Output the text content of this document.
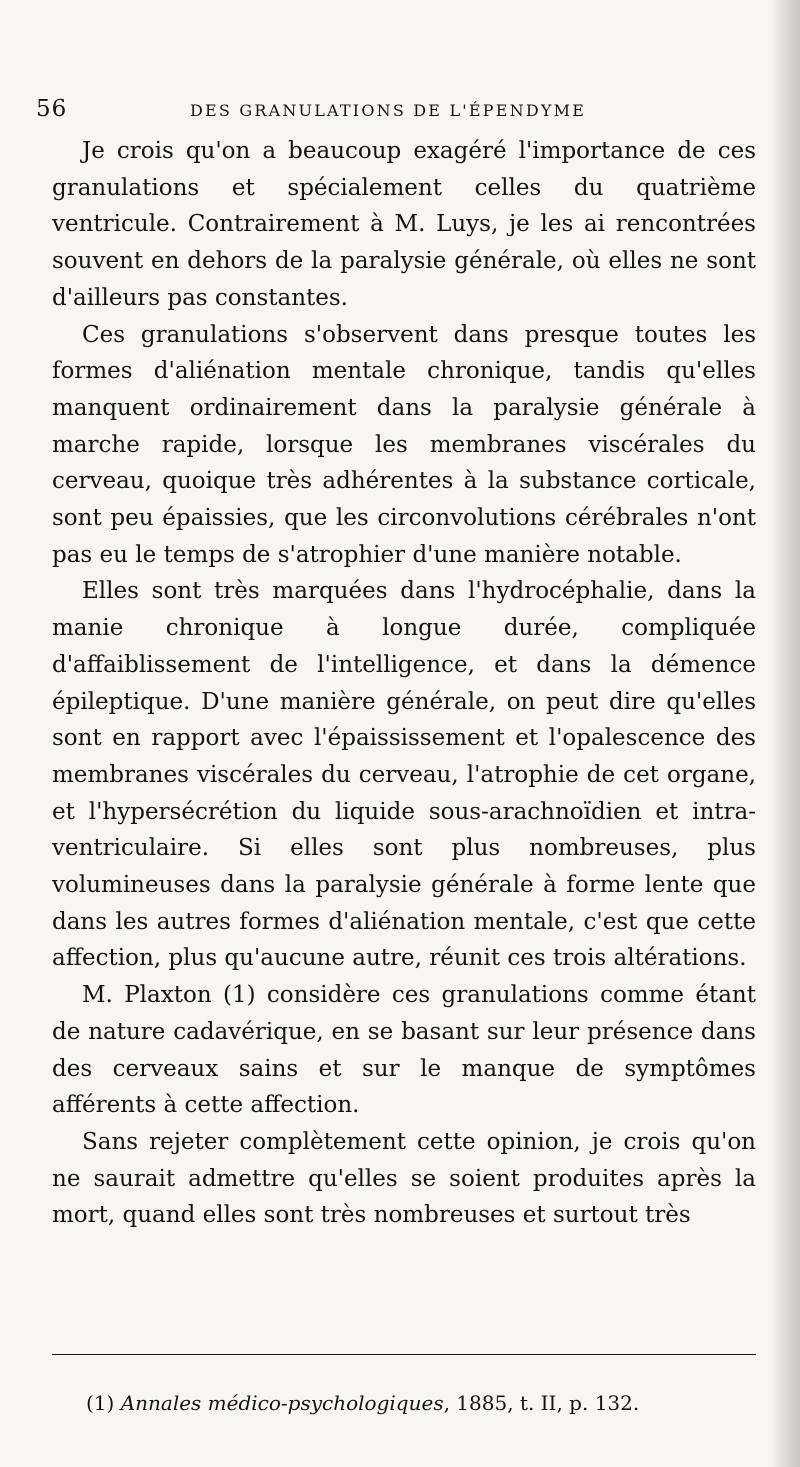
56	DES GRANULATIONS DE L'ÉPENDYME

Je crois qu'on a beaucoup exagéré l'importance de ces granulations et spécialement celles du quatrième ventricule. Contrairement à M. Luys, je les ai rencontrées souvent en dehors de la paralysie générale, où elles ne sont d'ailleurs pas constantes.

Ces granulations s'observent dans presque toutes les formes d'aliénation mentale chronique, tandis qu'elles manquent ordinairement dans la paralysie générale à marche rapide, lorsque les membranes viscérales du cerveau, quoique très adhérentes à la substance corticale, sont peu épaissies, que les circonvolutions cérébrales n'ont pas eu le temps de s'atrophier d'une manière notable.

Elles sont très marquées dans l'hydrocéphalie, dans la manie chronique à longue durée, compliquée d'affaiblissement de l'intelligence, et dans la démence épileptique. D'une manière générale, on peut dire qu'elles sont en rapport avec l'épaississement et l'opalescence des membranes viscérales du cerveau, l'atrophie de cet organe, et l'hypersécrétion du liquide sous-arachnoïdien et intra-ventriculaire. Si elles sont plus nombreuses, plus volumineuses dans la paralysie générale à forme lente que dans les autres formes d'aliénation mentale, c'est que cette affection, plus qu'aucune autre, réunit ces trois altérations.

M. Plaxton (1) considère ces granulations comme étant de nature cadavérique, en se basant sur leur présence dans des cerveaux sains et sur le manque de symptômes afférents à cette affection.

Sans rejeter complètement cette opinion, je crois qu'on ne saurait admettre qu'elles se soient produites après la mort, quand elles sont très nombreuses et surtout très

(1) Annales médico-psychologiques, 1885, t. II, p. 132.
